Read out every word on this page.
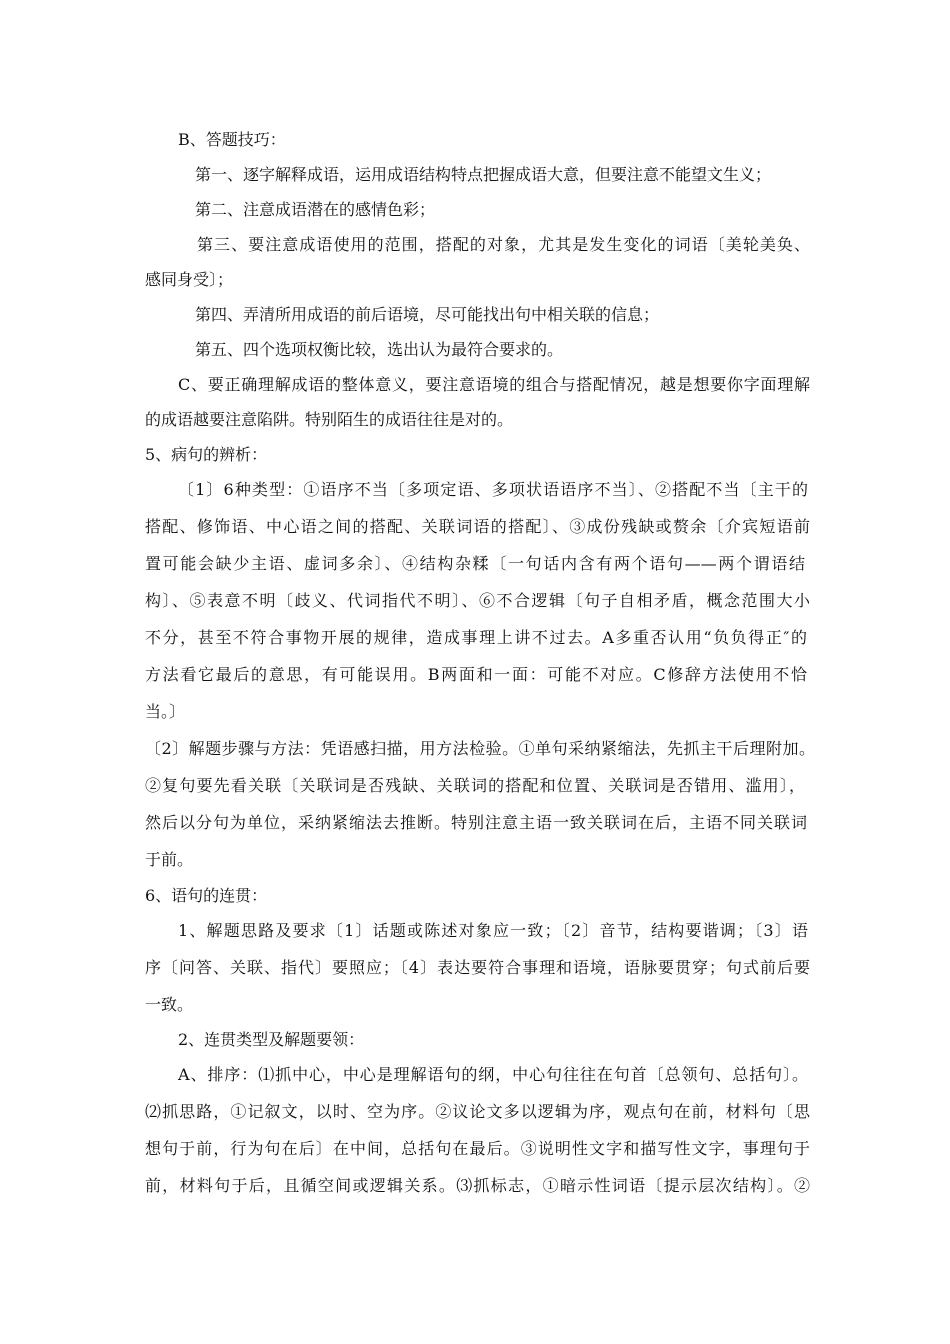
B、答题技巧：
第一、逐字解释成语，运用成语结构特点把握成语大意，但要注意不能望文生义；
第二、注意成语潜在的感情色彩；
第三、要注意成语使用的范围，搭配的对象，尤其是发生变化的词语〔美轮美奂、
感同身受〕；
第四、弄清所用成语的前后语境，尽可能找出句中相关联的信息；
第五、四个选项权衡比较，选出认为最符合要求的。
C、要正确理解成语的整体意义，要注意语境的组合与搭配情况，越是想要你字面理解
的成语越要注意陷阱。特别陌生的成语往往是对的。
5、病句的辨析：
〔1〕6种类型：①语序不当〔多项定语、多项状语语序不当〕、②搭配不当〔主干的
搭配、修饰语、中心语之间的搭配、关联词语的搭配〕、③成份残缺或赘余〔介宾短语前
置可能会缺少主语、虚词多余〕、④结构杂糅〔一句话内含有两个语句——两个谓语结
构〕、⑤表意不明〔歧义、代词指代不明〕、⑥不合逻辑〔句子自相矛盾，概念范围大小
不分，甚至不符合事物开展的规律，造成事理上讲不过去。A多重否认用“负负得正″的
方法看它最后的意思，有可能误用。B两面和一面：可能不对应。C修辞方法使用不恰
当。〕
〔2〕解题步骤与方法：凭语感扫描，用方法检验。①单句采纳紧缩法，先抓主干后理附加。
②复句要先看关联〔关联词是否残缺、关联词的搭配和位置、关联词是否错用、滥用〕，
然后以分句为单位，采纳紧缩法去推断。特别注意主语一致关联词在后，主语不同关联词
于前。
6、语句的连贯：
1、解题思路及要求〔1〕话题或陈述对象应一致；〔2〕音节，结构要谐调；〔3〕语
序〔问答、关联、指代〕要照应；〔4〕表达要符合事理和语境，语脉要贯穿；句式前后要
一致。
2、连贯类型及解题要领：
A、排序：⑴抓中心，中心是理解语句的纲，中心句往往在句首〔总领句、总括句〕。
⑵抓思路，①记叙文，以时、空为序。②议论文多以逻辑为序，观点句在前，材料句〔思
想句于前，行为句在后〕在中间，总括句在最后。③说明性文字和描写性文字，事理句于
前，材料句于后，且循空间或逻辑关系。⑶抓标志，①暗示性词语〔提示层次结构〕。②
